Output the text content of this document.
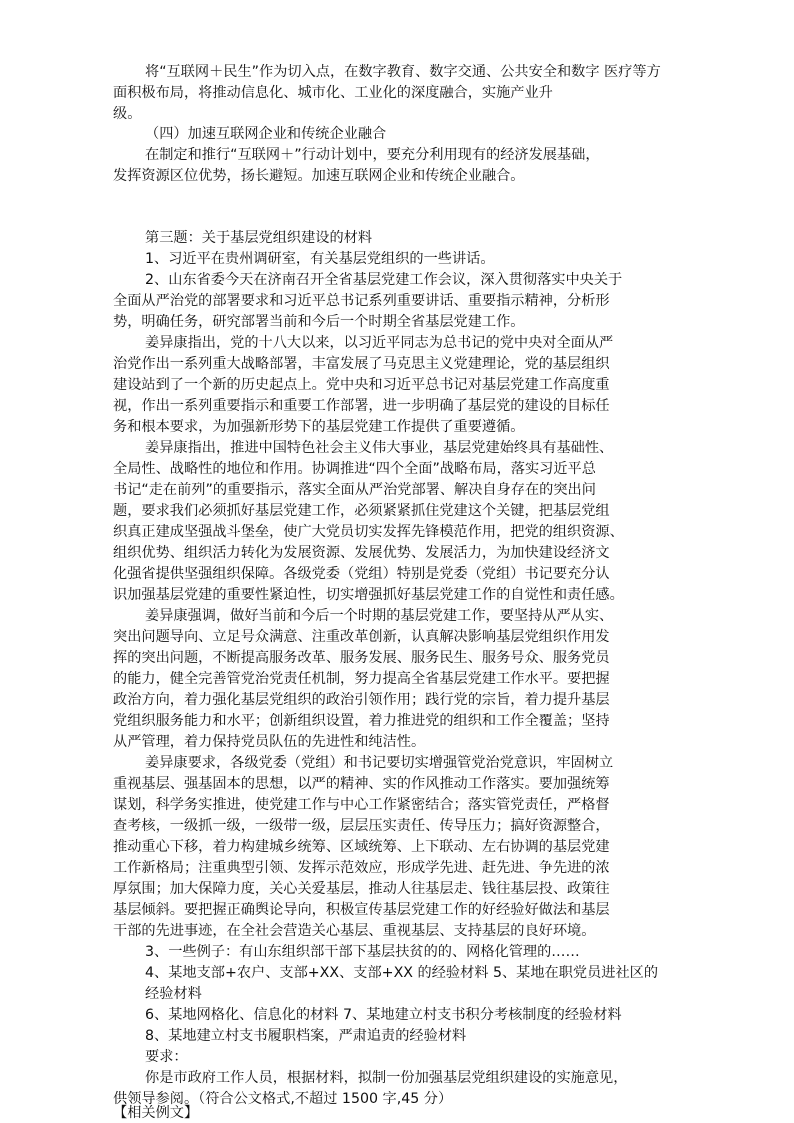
将“互联网＋民生”作为切入点，在数字教育、数字交通、公共安全和数字 医疗等方
面积极布局，将推动信息化、城市化、工业化的深度融合，实施产业升
级。
（四）加速互联网企业和传统企业融合
在制定和推行“互联网＋”行动计划中，要充分利用现有的经济发展基础，
发挥资源区位优势，扬长避短。加速互联网企业和传统企业融合。
第三题：关于基层党组织建设的材料
1、习近平在贵州调研室，有关基层党组织的一些讲话。
2、山东省委今天在济南召开全省基层党建工作会议，深入贯彻落实中央关于
全面从严治党的部署要求和习近平总书记系列重要讲话、重要指示精神，分析形
势，明确任务，研究部署当前和今后一个时期全省基层党建工作。
姜异康指出，党的十八大以来，以习近平同志为总书记的党中央对全面从严
治党作出一系列重大战略部署，丰富发展了马克思主义党建理论，党的基层组织
建设站到了一个新的历史起点上。党中央和习近平总书记对基层党建工作高度重
视，作出一系列重要指示和重要工作部署，进一步明确了基层党的建设的目标任
务和根本要求，为加强新形势下的基层党建工作提供了重要遵循。
姜异康指出，推进中国特色社会主义伟大事业，基层党建始终具有基础性、
全局性、战略性的地位和作用。协调推进“四个全面”战略布局，落实习近平总
书记“走在前列”的重要指示，落实全面从严治党部署、解决自身存在的突出问
题，要求我们必须抓好基层党建工作，必须紧紧抓住党建这个关键，把基层党组
织真正建成坚强战斗堡垒，使广大党员切实发挥先锋模范作用，把党的组织资源、
组织优势、组织活力转化为发展资源、发展优势、发展活力，为加快建设经济文
化强省提供坚强组织保障。各级党委（党组）特别是党委（党组）书记要充分认
识加强基层党建的重要性紧迫性，切实增强抓好基层党建工作的自觉性和责任感。
姜异康强调，做好当前和今后一个时期的基层党建工作，要坚持从严从实、
突出问题导向、立足号众满意、注重改革创新，认真解决影响基层党组织作用发
挥的突出问题，不断提高服务改革、服务发展、服务民生、服务号众、服务党员
的能力，健全完善管党治党责任机制，努力提高全省基层党建工作水平。要把握
政治方向，着力强化基层党组织的政治引领作用；践行党的宗旨，着力提升基层
党组织服务能力和水平；创新组织设置，着力推进党的组织和工作全覆盖；坚持
从严管理，着力保持党员队伍的先进性和纯洁性。
姜异康要求，各级党委（党组）和书记要切实增强管党治党意识，牢固树立
重视基层、强基固本的思想，以严的精神、实的作风推动工作落实。要加强统筹
谋划，科学务实推进，使党建工作与中心工作紧密结合；落实管党责任，严格督
查考核，一级抓一级，一级带一级，层层压实责任、传导压力；搞好资源整合，
推动重心下移，着力构建城乡统筹、区域统筹、上下联动、左右协调的基层党建
工作新格局；注重典型引领、发挥示范效应，形成学先进、赶先进、争先进的浓
厚氛围；加大保障力度，关心关爱基层，推动人往基层走、钱往基层投、政策往
基层倾斜。要把握正确舆论导向，积极宣传基层党建工作的好经验好做法和基层
干部的先进事迹，在全社会营造关心基层、重视基层、支持基层的良好环境。
3、一些例子：有山东组织部干部下基层扶贫的的、网格化管理的……
4、某地支部+农户、支部+XX、支部+XX 的经验材料 5、某地在职党员进社区的
经验材料
6、某地网格化、信息化的材料 7、某地建立村支书积分考核制度的经验材料
8、某地建立村支书履职档案，严肃追责的经验材料
要求：
你是市政府工作人员，根据材料，拟制一份加强基层党组织建设的实施意见，
供领导参阅。（符合公文格式,不超过 1500 字,45 分）
【相关例文】
